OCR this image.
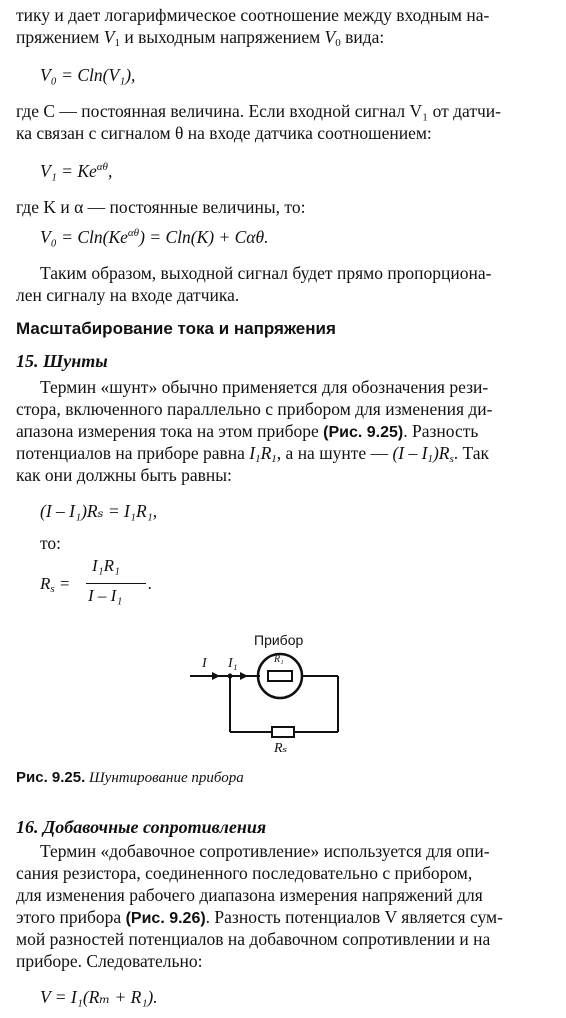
тику и дает логарифмическое соотношение между входным на-
пряжением $V_1$ и выходным напряжением $V_0$ вида:
V₀ = Cln(V₁),
где C — постоянная величина. Если входной сигнал V₁ от датчи-
ка связан с сигналом θ на входе датчика соотношением:
$V_1 = Ke^{\alpha\theta}$,
где K и α — постоянные величины, то:
$V_0 = Cln(Ke^{\alpha\theta}) = Cln(K) + C\alpha\theta$.
Таким образом, выходной сигнал будет прямо пропорциона-
лен сигналу на входе датчика.
Масштабирование тока и напряжения
15. Шунты
Термин «шунт» обычно применяется для обозначения рези-
стора, включенного параллельно с прибором для изменения ди-
апазона измерения тока на этом приборе (Рис. 9.25). Разность
потенциалов на приборе равна $I_1R_1$, а на шунте — $(I - I_1)R_s$. Так
как они должны быть равны:
(I – I₁)Rₛ = I₁R₁,
то:
$R_s$ =
I₁R₁
I – I₁
.
Прибор
I I₁	R₁
Rₛ
Рис. 9.25. Шунтирование прибора
16. Добавочные сопротивления
Термин «добавочное сопротивление» используется для опи-
сания резистора, соединенного последовательно с прибором,
для изменения рабочего диапазона измерения напряжений для
этого прибора (Рис. 9.26). Разность потенциалов V является сум-
мой разностей потенциалов на добавочном сопротивлении и на
приборе. Следовательно:
V = I₁(Rₘ + R₁).
